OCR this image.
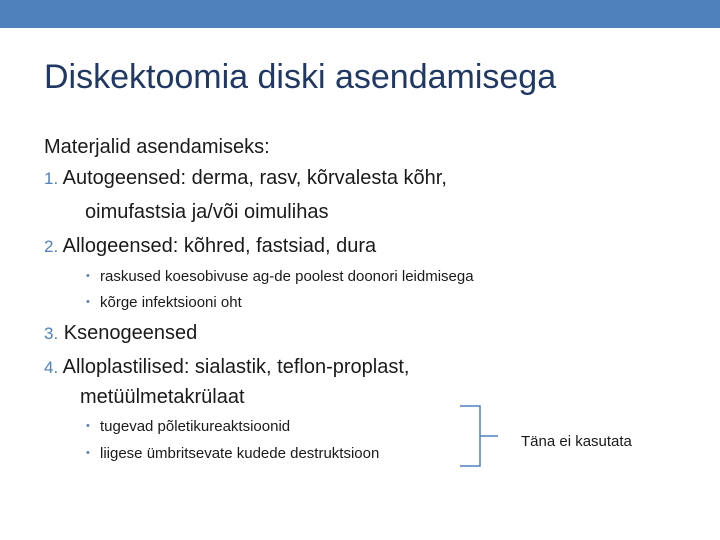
Diskektoomia diski asendamisega
Materjalid asendamiseks:
1. Autogeensed: derma, rasv, kõrvalesta kõhr,
oimufastsia ja/või oimulihas
2. Allogeensed: kõhred, fastsiad, dura
• raskused koesobivuse ag-de poolest doonori leidmisega
• kõrge infektsiooni oht
3. Ksenogeensed
4. Alloplastilised: sialastik, teflon-proplast,
metüülmetakrülaat
• tugevad põletikureaktsioonid
• liigese ümbritsevate kudede destruktsioon
Täna ei kasutata
